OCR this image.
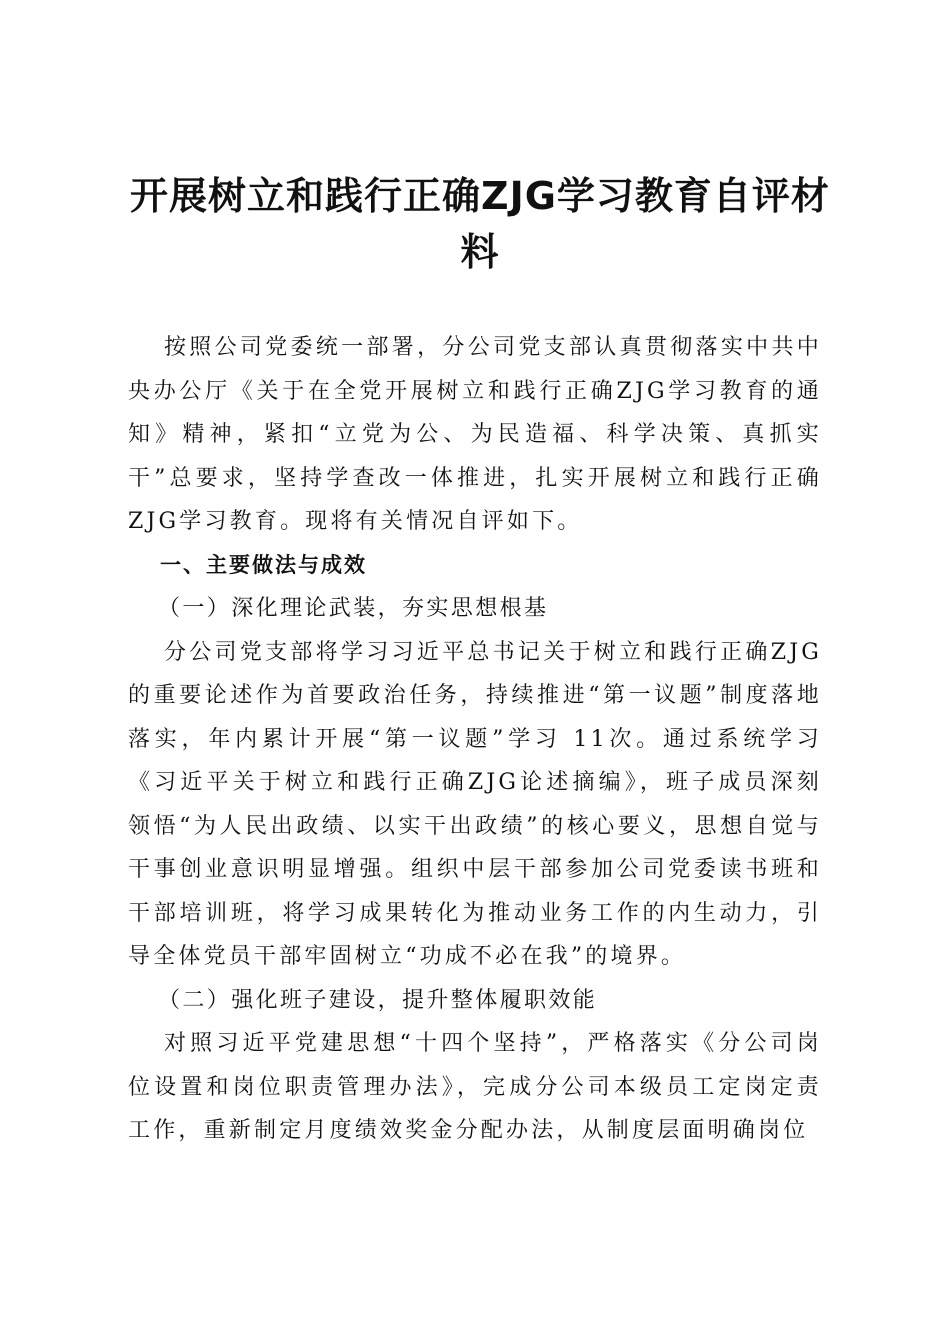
开展树立和践行正确ZJG学习教育自评材料

按照公司党委统一部署，分公司党支部认真贯彻落实中共中央办公厅《关于在全党开展树立和践行正确ZJG学习教育的通知》精神，紧扣“立党为公、为民造福、科学决策、真抓实干”总要求，坚持学查改一体推进，扎实开展树立和践行正确ZJG学习教育。现将有关情况自评如下。

一、主要做法与成效

（一）深化理论武装，夯实思想根基

分公司党支部将学习习近平总书记关于树立和践行正确ZJG的重要论述作为首要政治任务，持续推进“第一议题”制度落地落实，年内累计开展“第一议题”学习 11次。通过系统学习《习近平关于树立和践行正确ZJG论述摘编》，班子成员深刻领悟“为人民出政绩、以实干出政绩”的核心要义，思想自觉与干事创业意识明显增强。组织中层干部参加公司党委读书班和干部培训班，将学习成果转化为推动业务工作的内生动力，引导全体党员干部牢固树立“功成不必在我”的境界。

（二）强化班子建设，提升整体履职效能

对照习近平党建思想“十四个坚持”，严格落实《分公司岗位设置和岗位职责管理办法》，完成分公司本级员工定岗定责工作，重新制定月度绩效奖金分配办法，从制度层面明确岗位
